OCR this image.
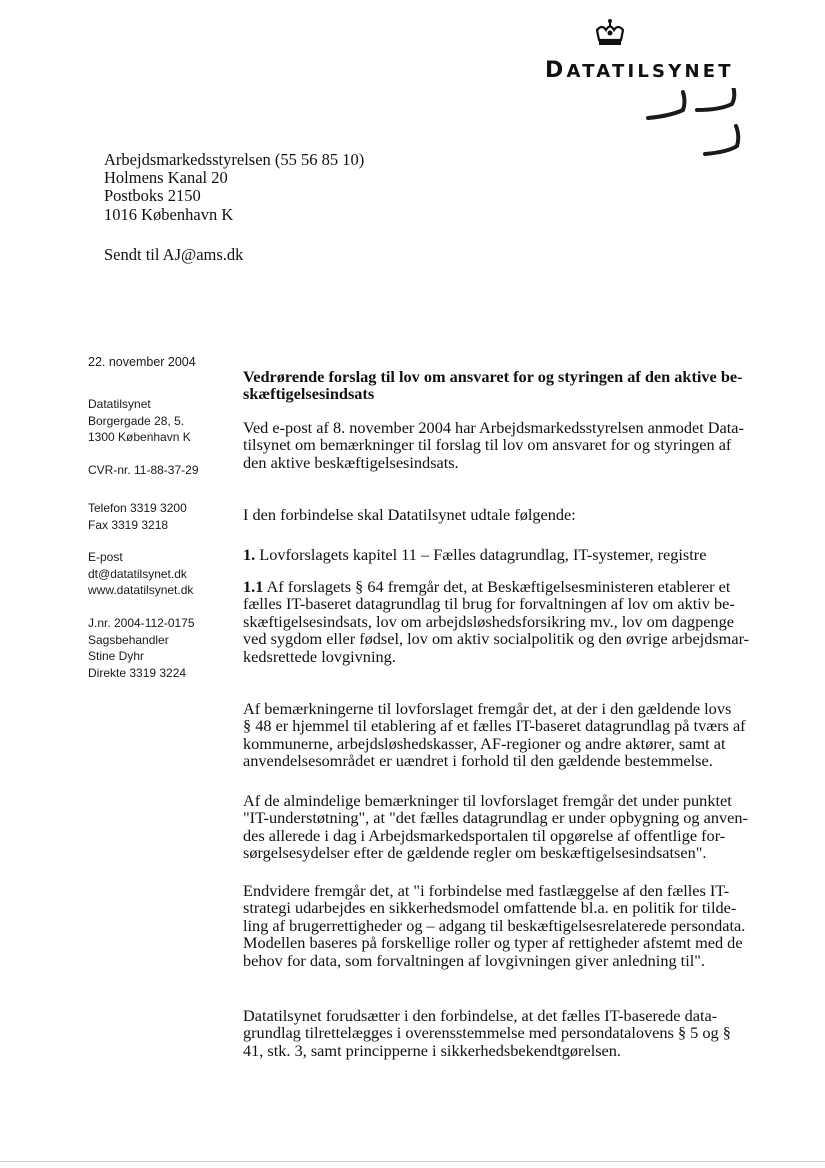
DATATILSYNET
Arbejdsmarkedsstyrelsen (55 56 85 10)
Holmens Kanal 20
Postboks 2150
1016 København K
Sendt til AJ@ams.dk
22. november 2004
Datatilsynet
Borgergade 28, 5.
1300 København K
CVR-nr. 11-88-37-29
Telefon 3319 3200
Fax 3319 3218
E-post
dt@datatilsynet.dk
www.datatilsynet.dk
J.nr. 2004-112-0175
Sagsbehandler
Stine Dyhr
Direkte 3319 3224
Vedrørende forslag til lov om ansvaret for og styringen af den aktive be-
skæftigelsesindsats
Ved e-post af 8. november 2004 har Arbejdsmarkedsstyrelsen anmodet Data-
tilsynet om bemærkninger til forslag til lov om ansvaret for og styringen af
den aktive beskæftigelsesindsats.
I den forbindelse skal Datatilsynet udtale følgende:
1. Lovforslagets kapitel 11 – Fælles datagrundlag, IT-systemer, registre
1.1 Af forslagets § 64 fremgår det, at Beskæftigelsesministeren etablerer et
fælles IT-baseret datagrundlag til brug for forvaltningen af lov om aktiv be-
skæftigelsesindsats, lov om arbejdsløshedsforsikring mv., lov om dagpenge
ved sygdom eller fødsel, lov om aktiv socialpolitik og den øvrige arbejdsmar-
kedsrettede lovgivning.
Af bemærkningerne til lovforslaget fremgår det, at der i den gældende lovs
§ 48 er hjemmel til etablering af et fælles IT-baseret datagrundlag på tværs af
kommunerne, arbejdsløshedskasser, AF-regioner og andre aktører, samt at
anvendelsesområdet er uændret i forhold til den gældende bestemmelse.
Af de almindelige bemærkninger til lovforslaget fremgår det under punktet
"IT-understøtning", at "det fælles datagrundlag er under opbygning og anven-
des allerede i dag i Arbejdsmarkedsportalen til opgørelse af offentlige for-
sørgelsesydelser efter de gældende regler om beskæftigelsesindsatsen".
Endvidere fremgår det, at "i forbindelse med fastlæggelse af den fælles IT-
strategi udarbejdes en sikkerhedsmodel omfattende bl.a. en politik for tilde-
ling af brugerrettigheder og – adgang til beskæftigelsesrelaterede persondata.
Modellen baseres på forskellige roller og typer af rettigheder afstemt med de
behov for data, som forvaltningen af lovgivningen giver anledning til".
Datatilsynet forudsætter i den forbindelse, at det fælles IT-baserede data-
grundlag tilrettelægges i overensstemmelse med persondatalovens § 5 og §
41, stk. 3, samt principperne i sikkerhedsbekendtgørelsen.
